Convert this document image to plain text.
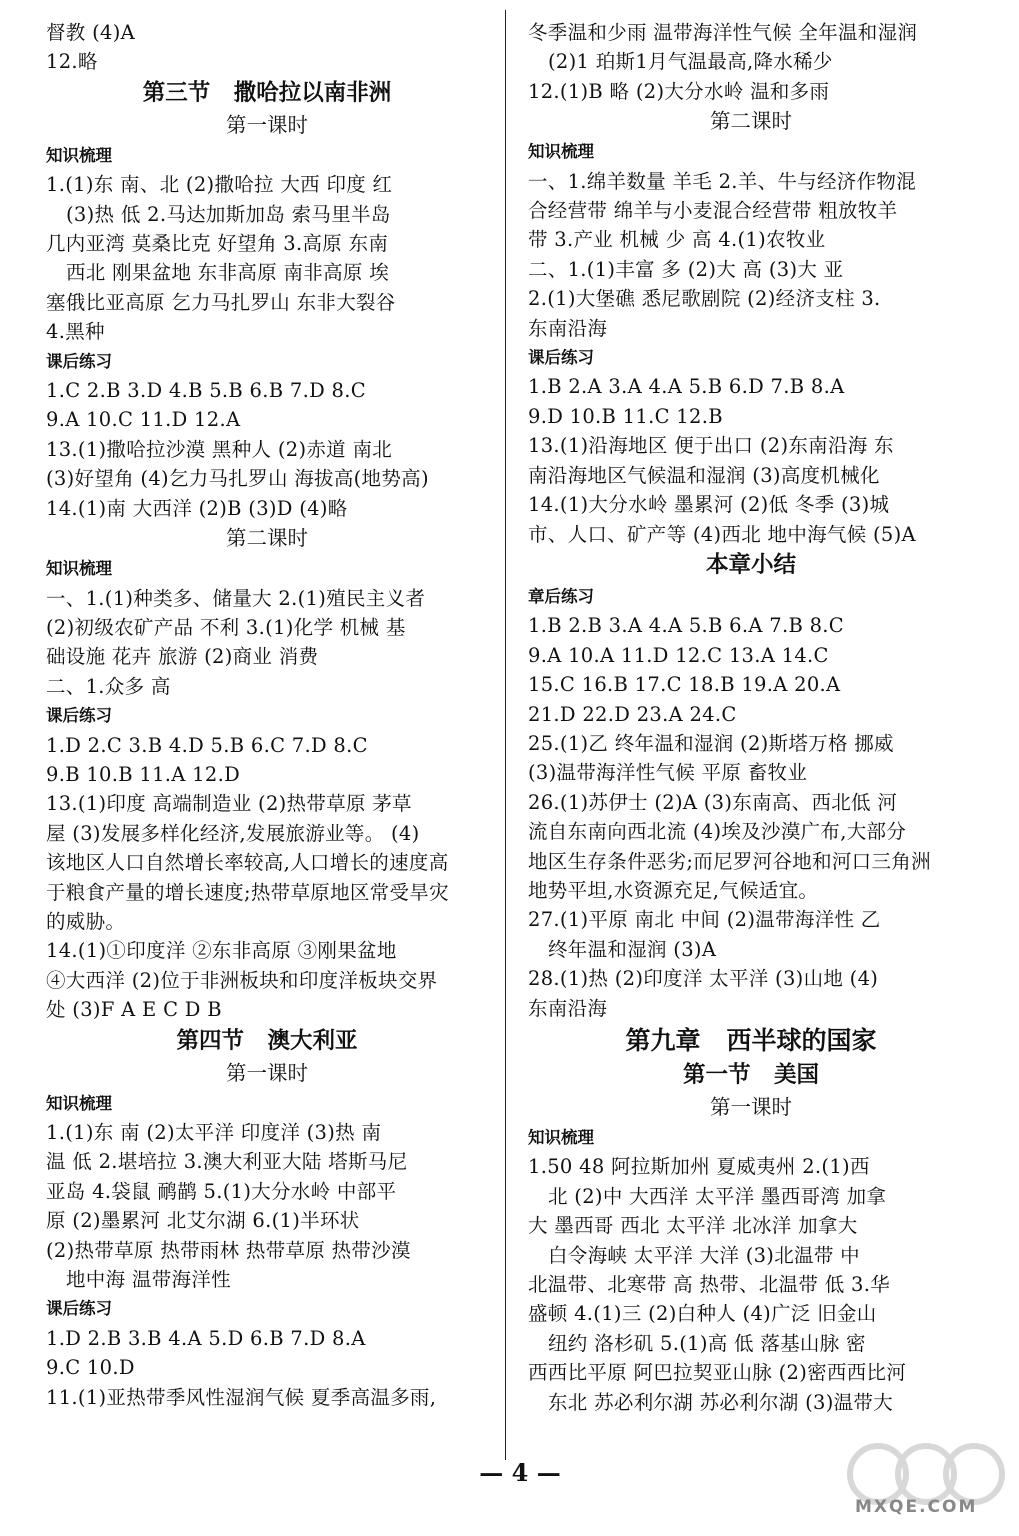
督教 (4)A
12.略
第三节   撒哈拉以南非洲
第一课时
知识梳理
1.(1)东 南、北 (2)撒哈拉 大西 印度 红
(3)热 低 2.马达加斯加岛 索马里半岛
几内亚湾 莫桑比克 好望角 3.高原 东南
西北 刚果盆地 东非高原 南非高原 埃
塞俄比亚高原 乞力马扎罗山 东非大裂谷
4.黑种
课后练习
1.C 2.B 3.D 4.B 5.B 6.B 7.D 8.C
9.A 10.C 11.D 12.A
13.(1)撒哈拉沙漠 黑种人 (2)赤道 南北
(3)好望角 (4)乞力马扎罗山 海拔高(地势高)
14.(1)南 大西洋 (2)B (3)D (4)略
第二课时
知识梳理
一、1.(1)种类多、储量大 2.(1)殖民主义者
(2)初级农矿产品 不利 3.(1)化学 机械 基
础设施 花卉 旅游 (2)商业 消费
二、1.众多 高
课后练习
1.D 2.C 3.B 4.D 5.B 6.C 7.D 8.C
9.B 10.B 11.A 12.D
13.(1)印度 高端制造业 (2)热带草原 茅草
屋 (3)发展多样化经济,发展旅游业等。 (4)
该地区人口自然增长率较高,人口增长的速度高
于粮食产量的增长速度;热带草原地区常受旱灾
的威胁。
14.(1)①印度洋 ②东非高原 ③刚果盆地
④大西洋 (2)位于非洲板块和印度洋板块交界
处 (3)F A E C D B
第四节   澳大利亚
第一课时
知识梳理
1.(1)东 南 (2)太平洋 印度洋 (3)热 南
温 低 2.堪培拉 3.澳大利亚大陆 塔斯马尼
亚岛 4.袋鼠 鸸鹋 5.(1)大分水岭 中部平
原 (2)墨累河 北艾尔湖 6.(1)半环状
(2)热带草原 热带雨林 热带草原 热带沙漠
地中海 温带海洋性
课后练习
1.D 2.B 3.B 4.A 5.D 6.B 7.D 8.A
9.C 10.D
11.(1)亚热带季风性湿润气候 夏季高温多雨,
冬季温和少雨 温带海洋性气候 全年温和湿润
(2)1 珀斯1月气温最高,降水稀少
12.(1)B 略 (2)大分水岭 温和多雨
第二课时
知识梳理
一、1.绵羊数量 羊毛 2.羊、牛与经济作物混
合经营带 绵羊与小麦混合经营带 粗放牧羊
带 3.产业 机械 少 高 4.(1)农牧业
二、1.(1)丰富 多 (2)大 高 (3)大 亚
2.(1)大堡礁 悉尼歌剧院 (2)经济支柱 3.
东南沿海
课后练习
1.B 2.A 3.A 4.A 5.B 6.D 7.B 8.A
9.D 10.B 11.C 12.B
13.(1)沿海地区 便于出口 (2)东南沿海 东
南沿海地区气候温和湿润 (3)高度机械化
14.(1)大分水岭 墨累河 (2)低 冬季 (3)城
市、人口、矿产等 (4)西北 地中海气候 (5)A
本章小结
章后练习
1.B 2.B 3.A 4.A 5.B 6.A 7.B 8.C
9.A 10.A 11.D 12.C 13.A 14.C
15.C 16.B 17.C 18.B 19.A 20.A
21.D 22.D 23.A 24.C
25.(1)乙 终年温和湿润 (2)斯塔万格 挪威
(3)温带海洋性气候 平原 畜牧业
26.(1)苏伊士 (2)A (3)东南高、西北低 河
流自东南向西北流 (4)埃及沙漠广布,大部分
地区生存条件恶劣;而尼罗河谷地和河口三角洲
地势平坦,水资源充足,气候适宜。
27.(1)平原 南北 中间 (2)温带海洋性 乙
终年温和湿润 (3)A
28.(1)热 (2)印度洋 太平洋 (3)山地 (4)
东南沿海
第九章   西半球的国家
第一节   美国
第一课时
知识梳理
1.50 48 阿拉斯加州 夏威夷州 2.(1)西
北 (2)中 大西洋 太平洋 墨西哥湾 加拿
大 墨西哥 西北 太平洋 北冰洋 加拿大
白令海峡 太平洋 大洋 (3)北温带 中
北温带、北寒带 高 热带、北温带 低 3.华
盛顿 4.(1)三 (2)白种人 (4)广泛 旧金山
纽约 洛杉矶 5.(1)高 低 落基山脉 密
西西比平原 阿巴拉契亚山脉 (2)密西西比河
东北 苏必利尔湖 苏必利尔湖 (3)温带大
— 4 —
MXQE.COM
